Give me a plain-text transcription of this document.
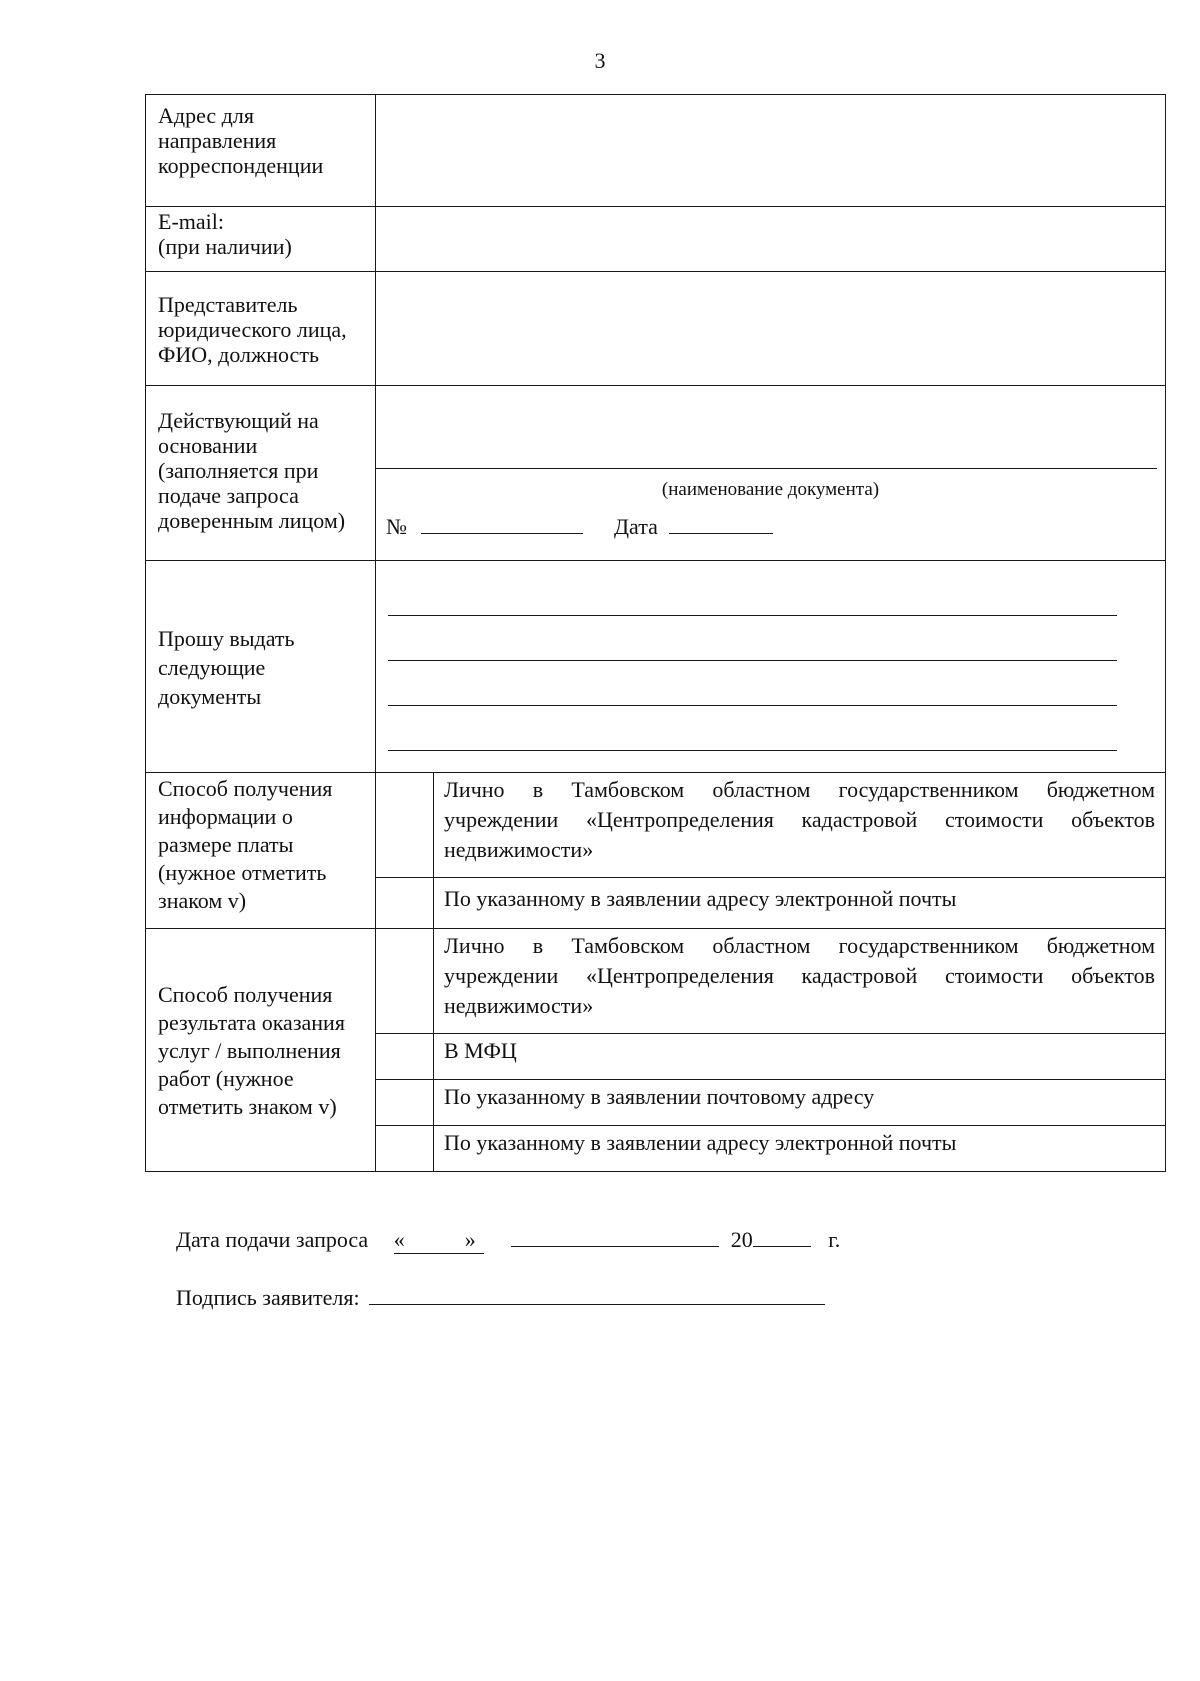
3
Адрес для направления корреспонденции		

E-mail:
(при наличии)		

Представитель юридического лица, ФИО, должность		
Действующий на основании (заполняется при подаче запроса доверенным лицом)	(наименование документа)
№ Дата	

Прошу выдать следующие документы		

Способ получения информации о размере платы (нужное отметить знаком v)		Лично в Тамбовском областном государственником бюджетном учреждении «Центропределения кадастровой стоимости объектов недвижимости»
		По указанному в заявлении адресу электронной почты
Способ получения результата оказания услуг / выполнения работ (нужное отметить знаком v)		Лично в Тамбовском областном государственником бюджетном учреждении «Центропределения кадастровой стоимости объектов недвижимости»
		В МФЦ
		По указанному в заявлении почтовому адресу
		По указанному в заявлении адресу электронной почты
Дата подачи запроса «	»	20	г.
Подпись заявителя:
